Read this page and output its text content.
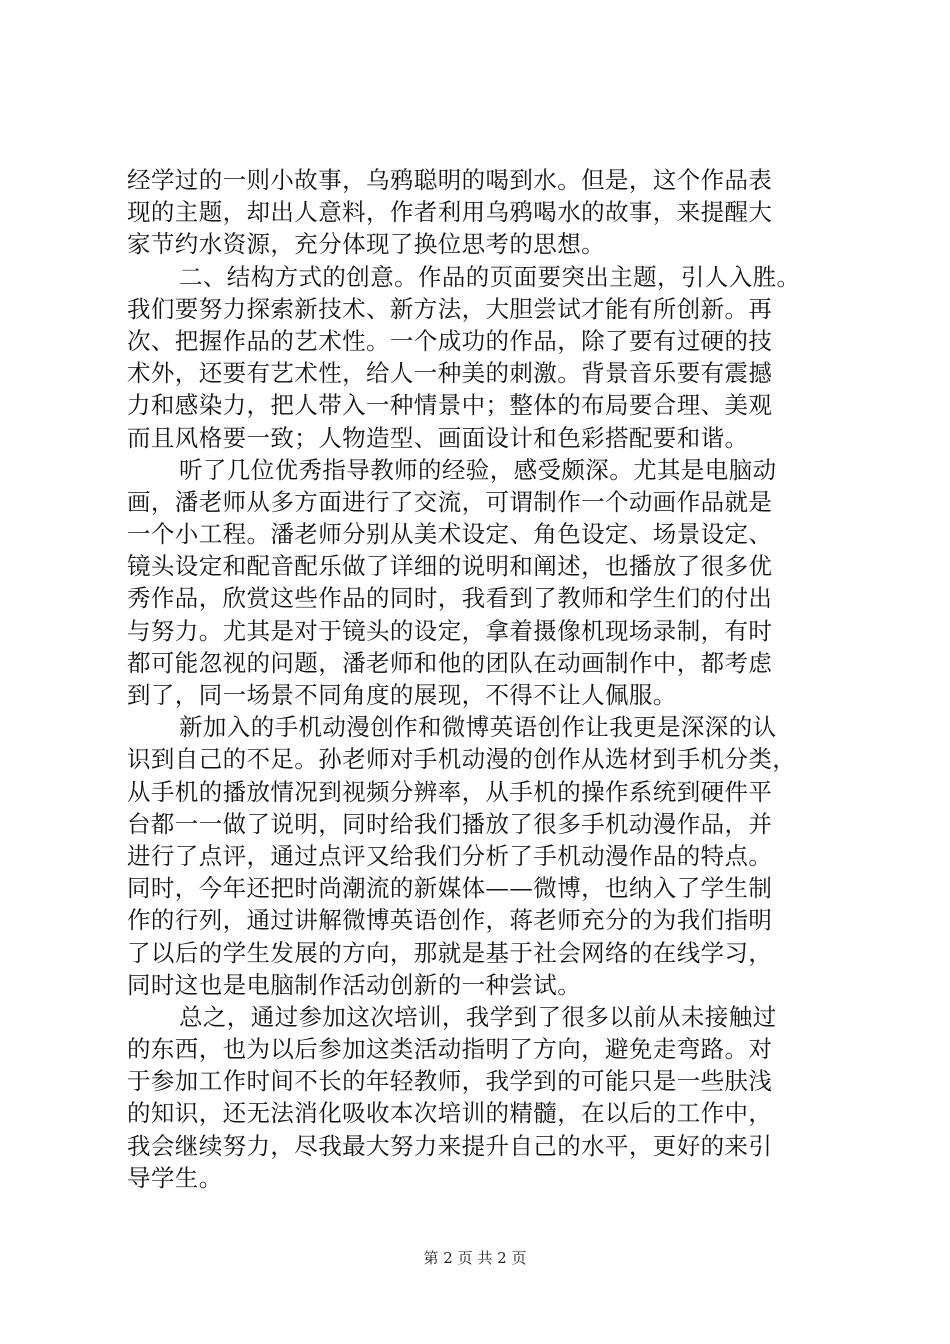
经学过的一则小故事，乌鸦聪明的喝到水。但是，这个作品表
现的主题，却出人意料，作者利用乌鸦喝水的故事，来提醒大
家节约水资源，充分体现了换位思考的思想。
二、结构方式的创意。作品的页面要突出主题，引人入胜。
我们要努力探索新技术、新方法，大胆尝试才能有所创新。再
次、把握作品的艺术性。一个成功的作品，除了要有过硬的技
术外，还要有艺术性，给人一种美的刺激。背景音乐要有震撼
力和感染力，把人带入一种情景中；整体的布局要合理、美观
而且风格要一致；人物造型、画面设计和色彩搭配要和谐。
听了几位优秀指导教师的经验，感受颇深。尤其是电脑动
画，潘老师从多方面进行了交流，可谓制作一个动画作品就是
一个小工程。潘老师分别从美术设定、角色设定、场景设定、
镜头设定和配音配乐做了详细的说明和阐述，也播放了很多优
秀作品，欣赏这些作品的同时，我看到了教师和学生们的付出
与努力。尤其是对于镜头的设定，拿着摄像机现场录制，有时
都可能忽视的问题，潘老师和他的团队在动画制作中，都考虑
到了，同一场景不同角度的展现，不得不让人佩服。
新加入的手机动漫创作和微博英语创作让我更是深深的认
识到自己的不足。孙老师对手机动漫的创作从选材到手机分类，
从手机的播放情况到视频分辨率，从手机的操作系统到硬件平
台都一一做了说明，同时给我们播放了很多手机动漫作品，并
进行了点评，通过点评又给我们分析了手机动漫作品的特点。
同时，今年还把时尚潮流的新媒体——微博，也纳入了学生制
作的行列，通过讲解微博英语创作，蒋老师充分的为我们指明
了以后的学生发展的方向，那就是基于社会网络的在线学习，
同时这也是电脑制作活动创新的一种尝试。
总之，通过参加这次培训，我学到了很多以前从未接触过
的东西，也为以后参加这类活动指明了方向，避免走弯路。对
于参加工作时间不长的年轻教师，我学到的可能只是一些肤浅
的知识，还无法消化吸收本次培训的精髓，在以后的工作中，
我会继续努力，尽我最大努力来提升自己的水平，更好的来引
导学生。
第 2 页 共 2 页
